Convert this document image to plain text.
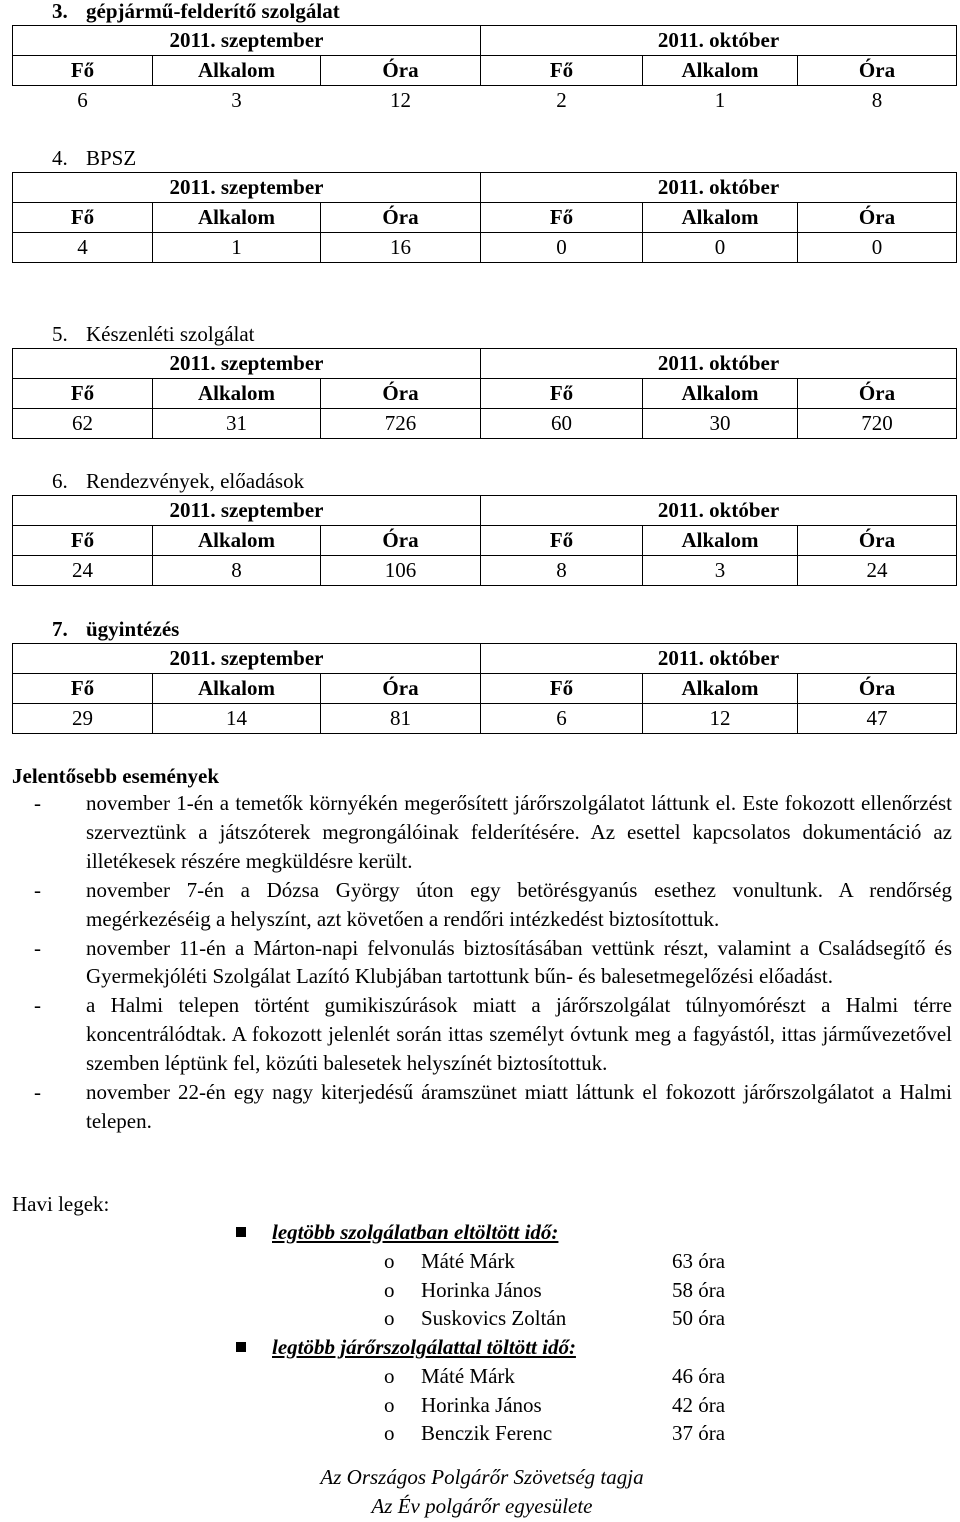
3. gépjármű-felderítő szolgálat

2011. szeptember			2011. október		
Fő	Alkalom	Óra	Fő	Alkalom	Óra
6	3	12	2	1	8

4. BPSZ

2011. szeptember			2011. október		
Fő	Alkalom	Óra	Fő	Alkalom	Óra
4	1	16	0	0	0

5. Készenléti szolgálat

2011. szeptember			2011. október		
Fő	Alkalom	Óra	Fő	Alkalom	Óra
62	31	726	60	30	720

6. Rendezvények, előadások

2011. szeptember			2011. október		
Fő	Alkalom	Óra	Fő	Alkalom	Óra
24	8	106	8	3	24

7. ügyintézés

2011. szeptember			2011. október		
Fő	Alkalom	Óra	Fő	Alkalom	Óra
29	14	81	6	12	47

Jelentősebb események

- november 1-én a temetők környékén megerősített járőrszolgálatot láttunk el. Este fokozott ellenőrzést szerveztünk a játszóterek megrongálóinak felderítésére. Az esettel kapcsolatos dokumentáció az illetékesek részére megküldésre került.
- november 7-én a Dózsa György úton egy betörésgyanús esethez vonultunk. A rendőrség megérkezéséig a helyszínt, azt követően a rendőri intézkedést biztosítottuk.
- november 11-én a Márton-napi felvonulás biztosításában vettünk részt, valamint a Családsegítő és Gyermekjóléti Szolgálat Lazító Klubjában tartottunk bűn- és balesetmegelőzési előadást.
- a Halmi telepen történt gumikiszúrások miatt a járőrszolgálat túlnyomórészt a Halmi térre koncentrálódtak. A fokozott jelenlét során ittas személyt óvtunk meg a fagyástól, ittas járművezetővel szemben léptünk fel, közúti balesetek helyszínét biztosítottuk.
- november 22-én egy nagy kiterjedésű áramszünet miatt láttunk el fokozott járőrszolgálatot a Halmi telepen.

Havi legek:

legtöbb szolgálatban eltöltött idő:
o Máté Márk	63 óra
o Horinka János	58 óra
o Suskovics Zoltán	50 óra
legtöbb járőrszolgálattal töltött idő:
o Máté Márk	46 óra
o Horinka János	42 óra
o Benczik Ferenc	37 óra

Az Országos Polgárőr Szövetség tagja

Az Év polgárőr egyesülete
